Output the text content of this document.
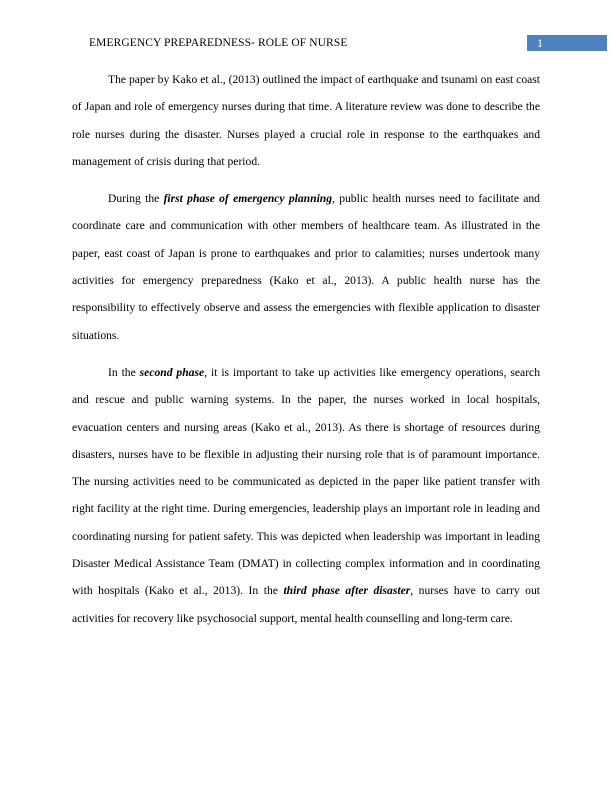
EMERGENCY PREPAREDNESS- ROLE OF NURSE	1

The paper by Kako et al., (2013) outlined the impact of earthquake and tsunami on east coast of Japan and role of emergency nurses during that time. A literature review was done to describe the role nurses during the disaster. Nurses played a crucial role in response to the earthquakes and management of crisis during that period.

During the first phase of emergency planning, public health nurses need to facilitate and coordinate care and communication with other members of healthcare team. As illustrated in the paper, east coast of Japan is prone to earthquakes and prior to calamities; nurses undertook many activities for emergency preparedness (Kako et al., 2013). A public health nurse has the responsibility to effectively observe and assess the emergencies with flexible application to disaster situations.

In the second phase, it is important to take up activities like emergency operations, search and rescue and public warning systems. In the paper, the nurses worked in local hospitals, evacuation centers and nursing areas (Kako et al., 2013). As there is shortage of resources during disasters, nurses have to be flexible in adjusting their nursing role that is of paramount importance. The nursing activities need to be communicated as depicted in the paper like patient transfer with right facility at the right time. During emergencies, leadership plays an important role in leading and coordinating nursing for patient safety. This was depicted when leadership was important in leading Disaster Medical Assistance Team (DMAT) in collecting complex information and in coordinating with hospitals (Kako et al., 2013). In the third phase after disaster, nurses have to carry out activities for recovery like psychosocial support, mental health counselling and long-term care.
